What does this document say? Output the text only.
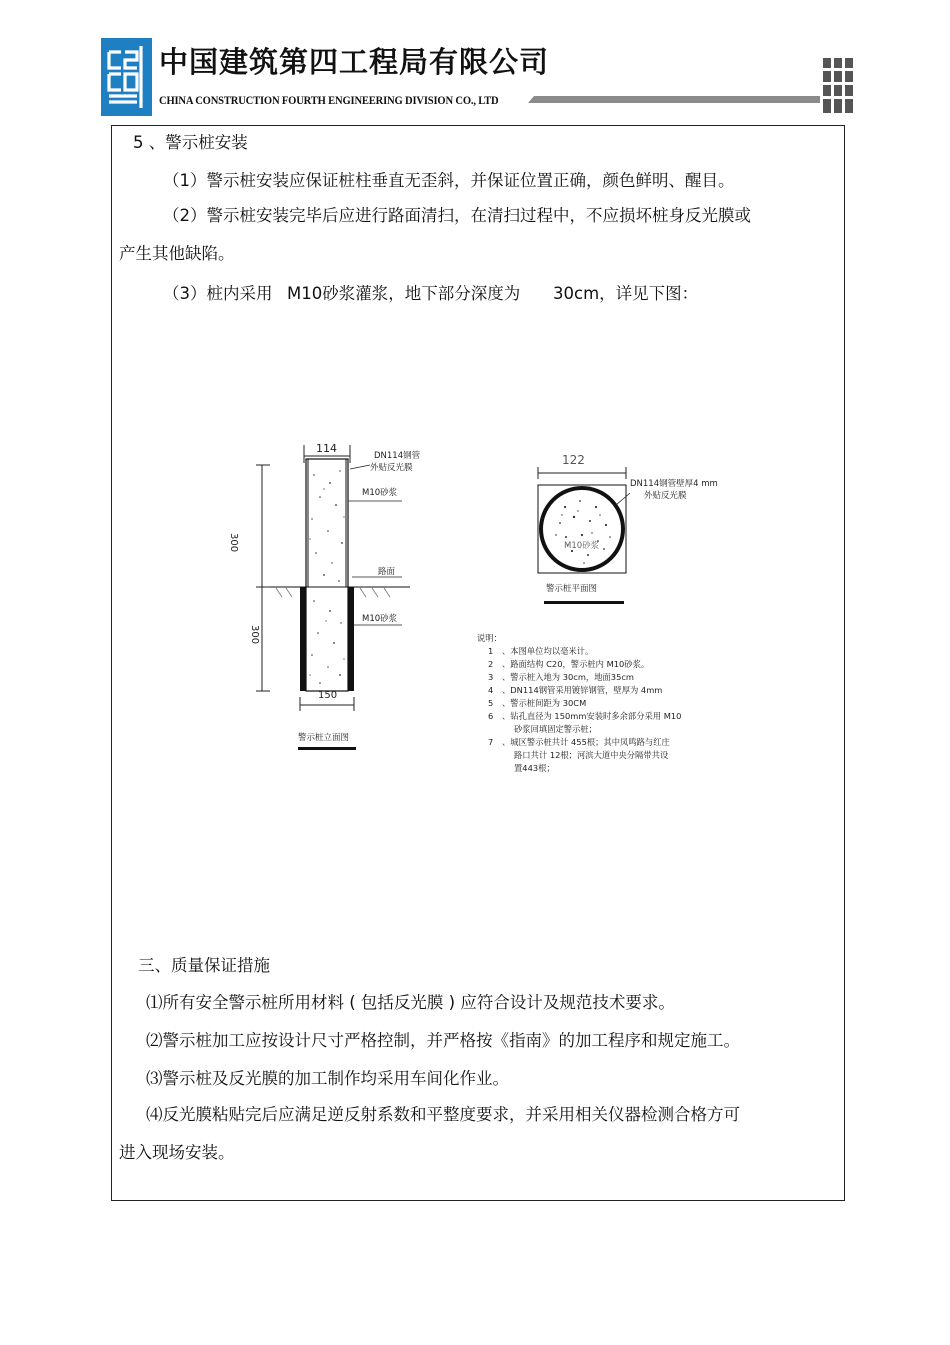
中国建筑第四工程局有限公司
CHINA CONSTRUCTION FOURTH ENGINEERING DIVISION CO., LTD
5 、警示桩安装
（1）警示桩安装应保证桩柱垂直无歪斜，并保证位置正确，颜色鲜明、醒目。
（2）警示桩安装完毕后应进行路面清扫，在清扫过程中，不应损坏桩身反光膜或
产生其他缺陷。
（3）桩内采用 M10砂浆灌浆，地下部分深度为 30cm，详见下图：
114
DN114钢管
外贴反光膜
M10砂浆
路面
M10砂浆
300
300
150
警示桩立面图
122
DN114钢管壁厚4 mm
外贴反光膜
M10砂浆
警示桩平面图
说明：
1 、本图单位均以毫米计。
2 、路面结构 C20，警示桩内 M10砂浆。
3 、警示桩入地为 30cm，地面35cm
4 、DN114钢管采用镀锌钢管，壁厚为 4mm
5 、警示桩间距为 30CM
6 、钻孔直径为 150mm安装时多余部分采用 M10
砂浆回填固定警示桩；
7 、城区警示桩共计 455根；其中凤鸣路与红庄
路口共计 12根；河滨大道中央分隔带共设
置443根；
三、质量保证措施
⑴所有安全警示桩所用材料 ( 包括反光膜 ) 应符合设计及规范技术要求。
⑵警示桩加工应按设计尺寸严格控制，并严格按《指南》的加工程序和规定施工。
⑶警示桩及反光膜的加工制作均采用车间化作业。
⑷反光膜粘贴完后应满足逆反射系数和平整度要求，并采用相关仪器检测合格方可
进入现场安装。
